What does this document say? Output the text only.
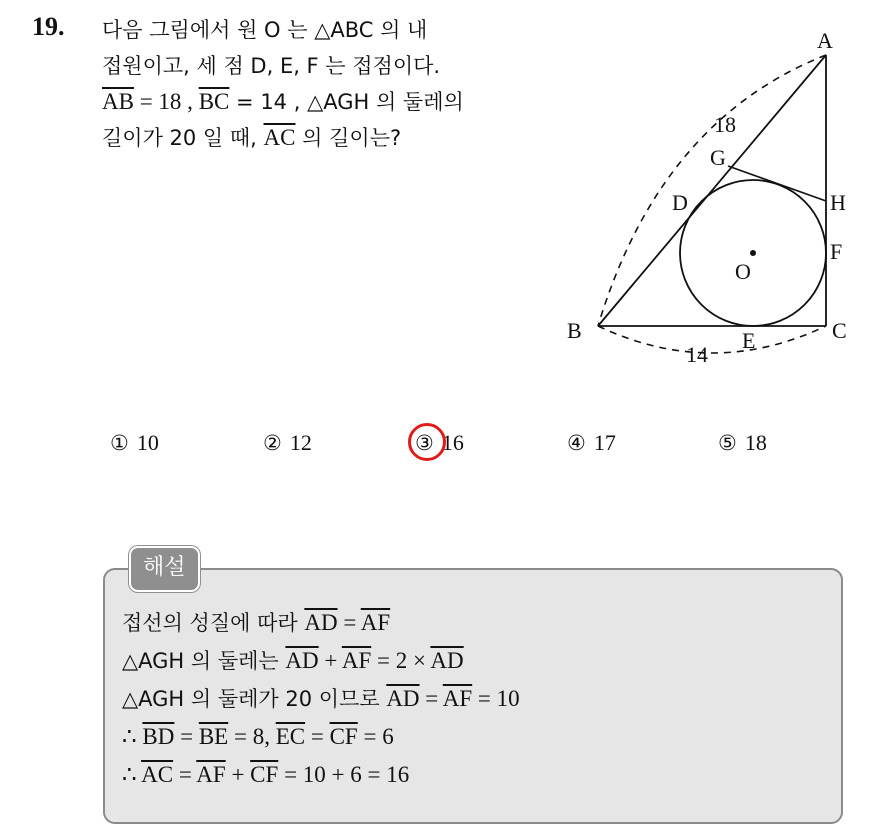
19. 다음 그림에서 원 O 는 △ABC 의 내
접원이고, 세 점 D, E, F 는 접점이다.
$\overline{AB} = 18$ , $\overline{BC} = 14$ , △AGH 의 둘레의
길이가 20 일 때, $\overline{AC}$ 의 길이는?
A
B	C
D
E
F
G
H
O
18
14
① 10	② 12	③ 16	④ 17	⑤ 18
해설
접선의 성질에 따라 $\overline{AD} = \overline{AF}$
△AGH 의 둘레는 $\overline{AD} + \overline{AF} = 2 \times \overline{AD}$
△AGH 의 둘레가 20 이므로 $\overline{AD} = \overline{AF} = 10$
∴ $\overline{BD} = \overline{BE} = 8$, $\overline{EC} = \overline{CF} = 6$
∴ $\overline{AC} = \overline{AF} + \overline{CF} = 10 + 6 = 16$
